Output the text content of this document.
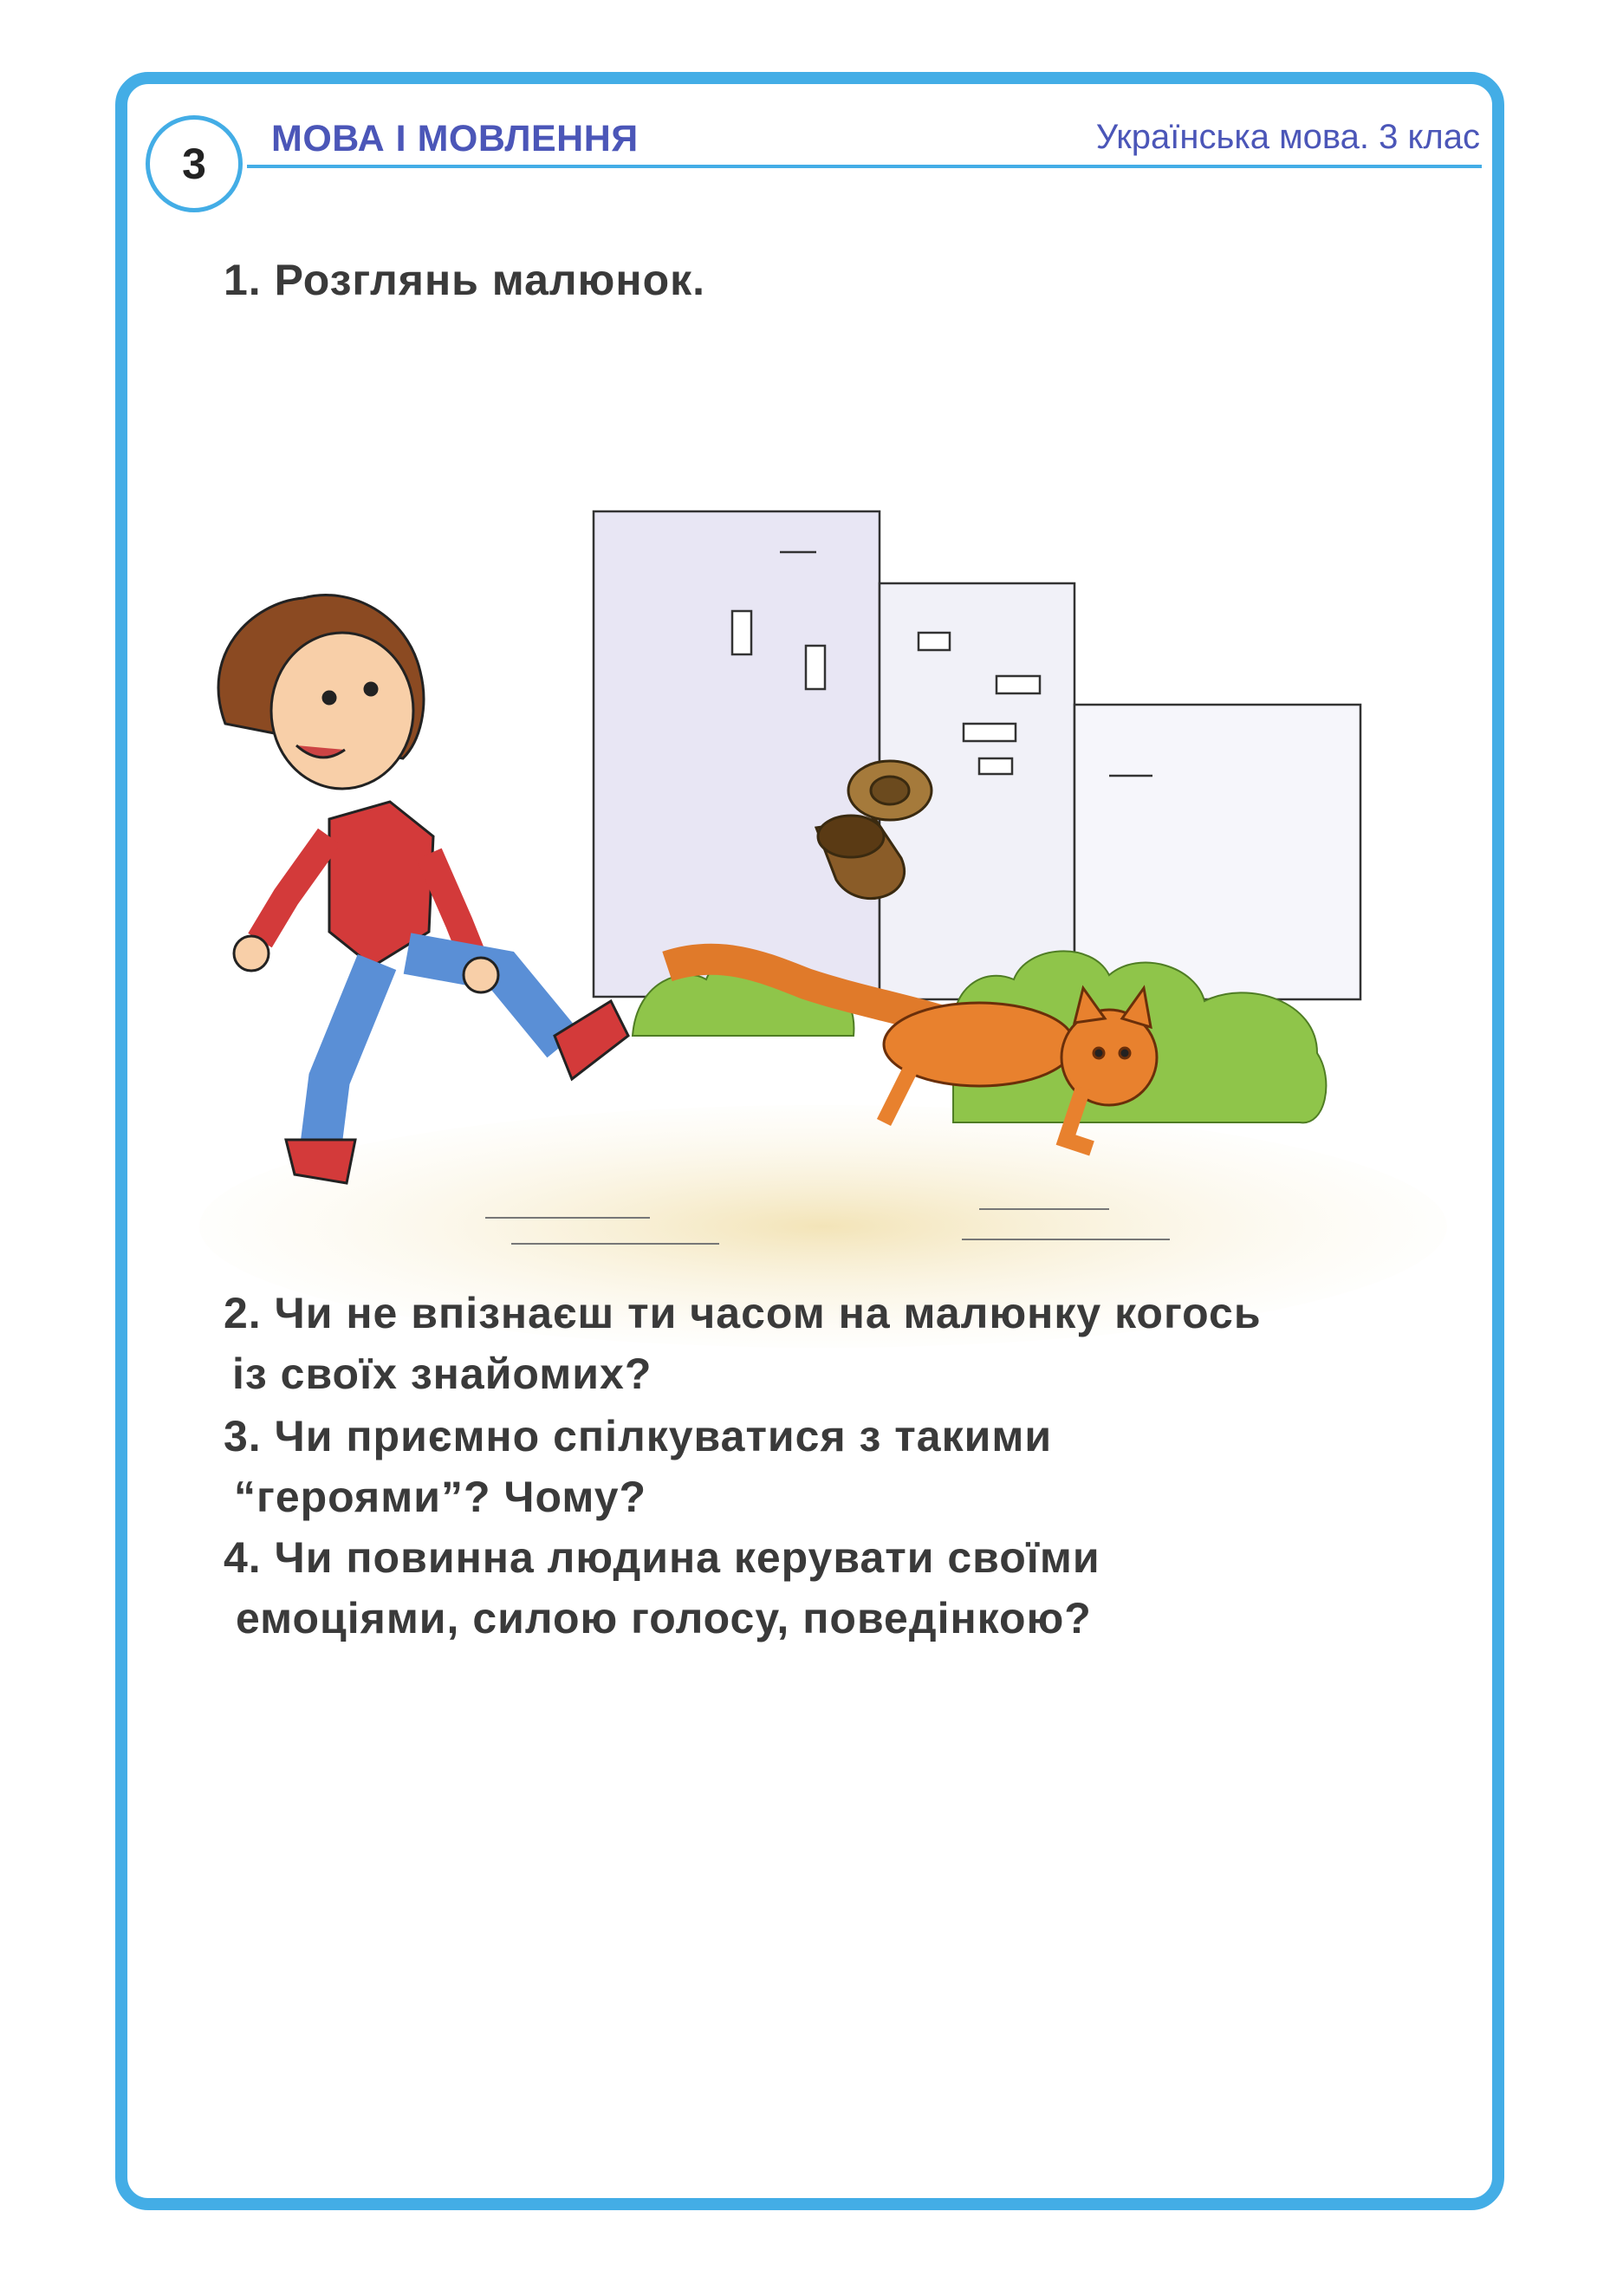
3
МОВА І МОВЛЕННЯ	Українська мова. 3 клас
1. Розглянь малюнок.
2. Чи не впізнаєш ти часом на малюнку когось
із своїх знайомих?
3. Чи приємно спілкуватися з такими
“героями”? Чому?
4. Чи повинна людина керувати своїми
емоціями, силою голосу, поведінкою?
